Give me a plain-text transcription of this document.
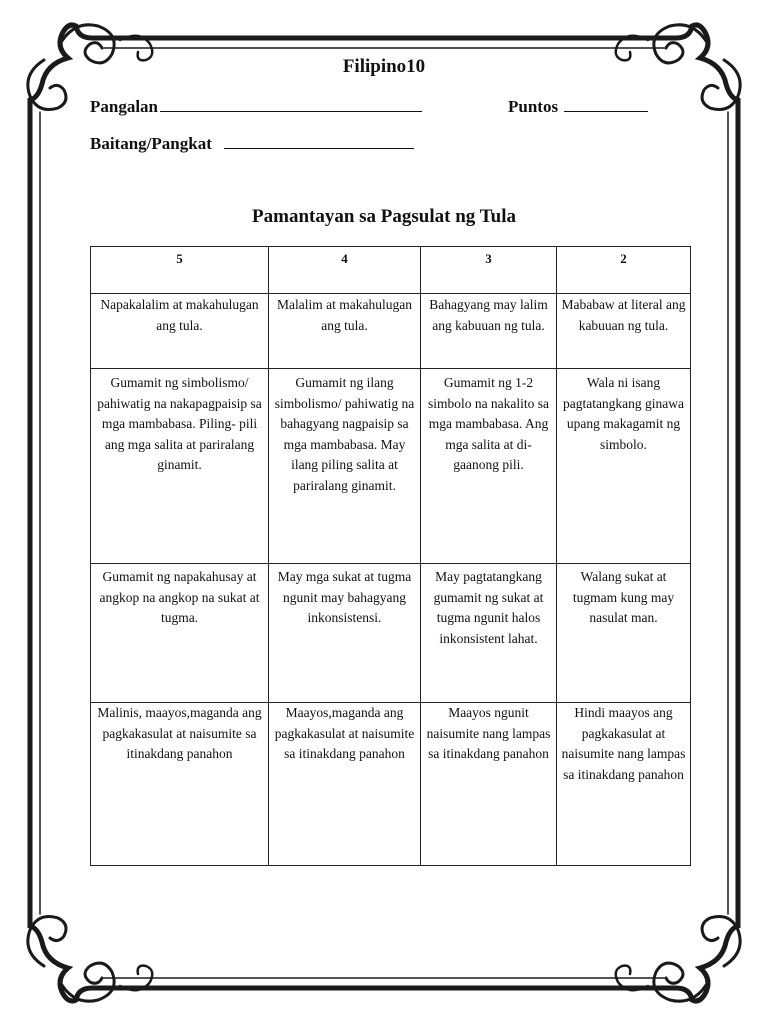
Filipino10
Pangalan	Puntos
Baitang/Pangkat
Pamantayan sa Pagsulat ng Tula
5	4	3	2
Napakalalim at makahulugan ang tula.	Malalim at makahulugan ang tula.	Bahagyang may lalim ang kabuuan ng tula.	Mababaw at literal ang kabuuan ng tula.
Gumamit ng simbolismo/ pahiwatig na nakapagpaisip sa mga mambabasa. Piling- pili ang mga salita at pariralang ginamit.	Gumamit ng ilang simbolismo/ pahiwatig na bahagyang nagpaisip sa mga mambabasa. May ilang piling salita at pariralang ginamit.	Gumamit ng 1-2 simbolo na nakalito sa mga mambabasa. Ang mga salita at di-gaanong pili.	Wala ni isang pagtatangkang ginawa upang makagamit ng simbolo.
Gumamit ng napakahusay at angkop na angkop na sukat at tugma.	May mga sukat at tugma ngunit may bahagyang inkonsistensi.	May pagtatangkang gumamit ng sukat at tugma ngunit halos inkonsistent lahat.	Walang sukat at tugmam kung may nasulat man.
Malinis, maayos,maganda ang pagkakasulat at naisumite sa itinakdang panahon	Maayos,maganda ang pagkakasulat at naisumite sa itinakdang panahon	Maayos ngunit naisumite nang lampas sa itinakdang panahon	Hindi maayos ang pagkakasulat at naisumite nang lampas sa itinakdang panahon
